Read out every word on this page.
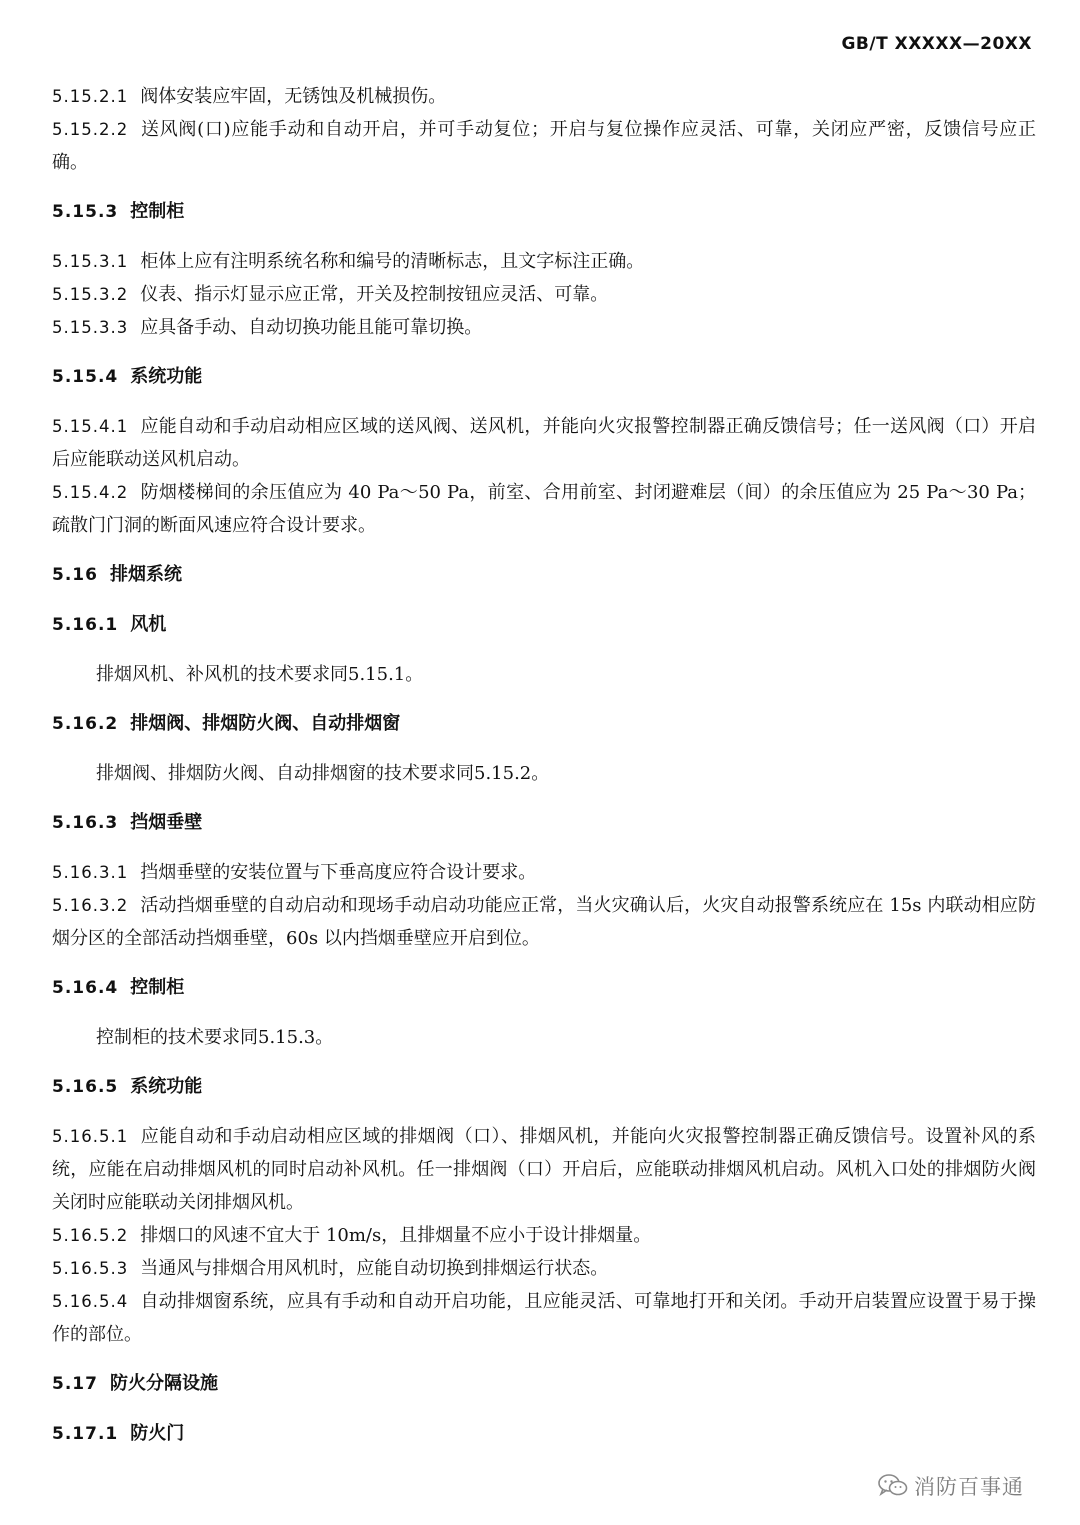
GB/T XXXXX—20XX
5.15.2.1 阀体安装应牢固，无锈蚀及机械损伤。
5.15.2.2 送风阀(口)应能手动和自动开启，并可手动复位；开启与复位操作应灵活、可靠，关闭应严密，反馈信号应正确。
5.15.3 控制柜
5.15.3.1 柜体上应有注明系统名称和编号的清晰标志，且文字标注正确。
5.15.3.2 仪表、指示灯显示应正常，开关及控制按钮应灵活、可靠。
5.15.3.3 应具备手动、自动切换功能且能可靠切换。
5.15.4 系统功能
5.15.4.1 应能自动和手动启动相应区域的送风阀、送风机，并能向火灾报警控制器正确反馈信号；任一送风阀（口）开启后应能联动送风机启动。
5.15.4.2 防烟楼梯间的余压值应为 40 Pa～50 Pa，前室、合用前室、封闭避难层（间）的余压值应为 25 Pa～30 Pa；疏散门门洞的断面风速应符合设计要求。
5.16 排烟系统
5.16.1 风机
排烟风机、补风机的技术要求同5.15.1。
5.16.2 排烟阀、排烟防火阀、自动排烟窗
排烟阀、排烟防火阀、自动排烟窗的技术要求同5.15.2。
5.16.3 挡烟垂壁
5.16.3.1 挡烟垂壁的安装位置与下垂高度应符合设计要求。
5.16.3.2 活动挡烟垂壁的自动启动和现场手动启动功能应正常，当火灾确认后，火灾自动报警系统应在 15s 内联动相应防烟分区的全部活动挡烟垂壁，60s 以内挡烟垂壁应开启到位。
5.16.4 控制柜
控制柜的技术要求同5.15.3。
5.16.5 系统功能
5.16.5.1 应能自动和手动启动相应区域的排烟阀（口）、排烟风机，并能向火灾报警控制器正确反馈信号。设置补风的系统，应能在启动排烟风机的同时启动补风机。任一排烟阀（口）开启后，应能联动排烟风机启动。风机入口处的排烟防火阀关闭时应能联动关闭排烟风机。
5.16.5.2 排烟口的风速不宜大于 10m/s，且排烟量不应小于设计排烟量。
5.16.5.3 当通风与排烟合用风机时，应能自动切换到排烟运行状态。
5.16.5.4 自动排烟窗系统，应具有手动和自动开启功能，且应能灵活、可靠地打开和关闭。手动开启装置应设置于易于操作的部位。
5.17 防火分隔设施
5.17.1 防火门
消防百事通
